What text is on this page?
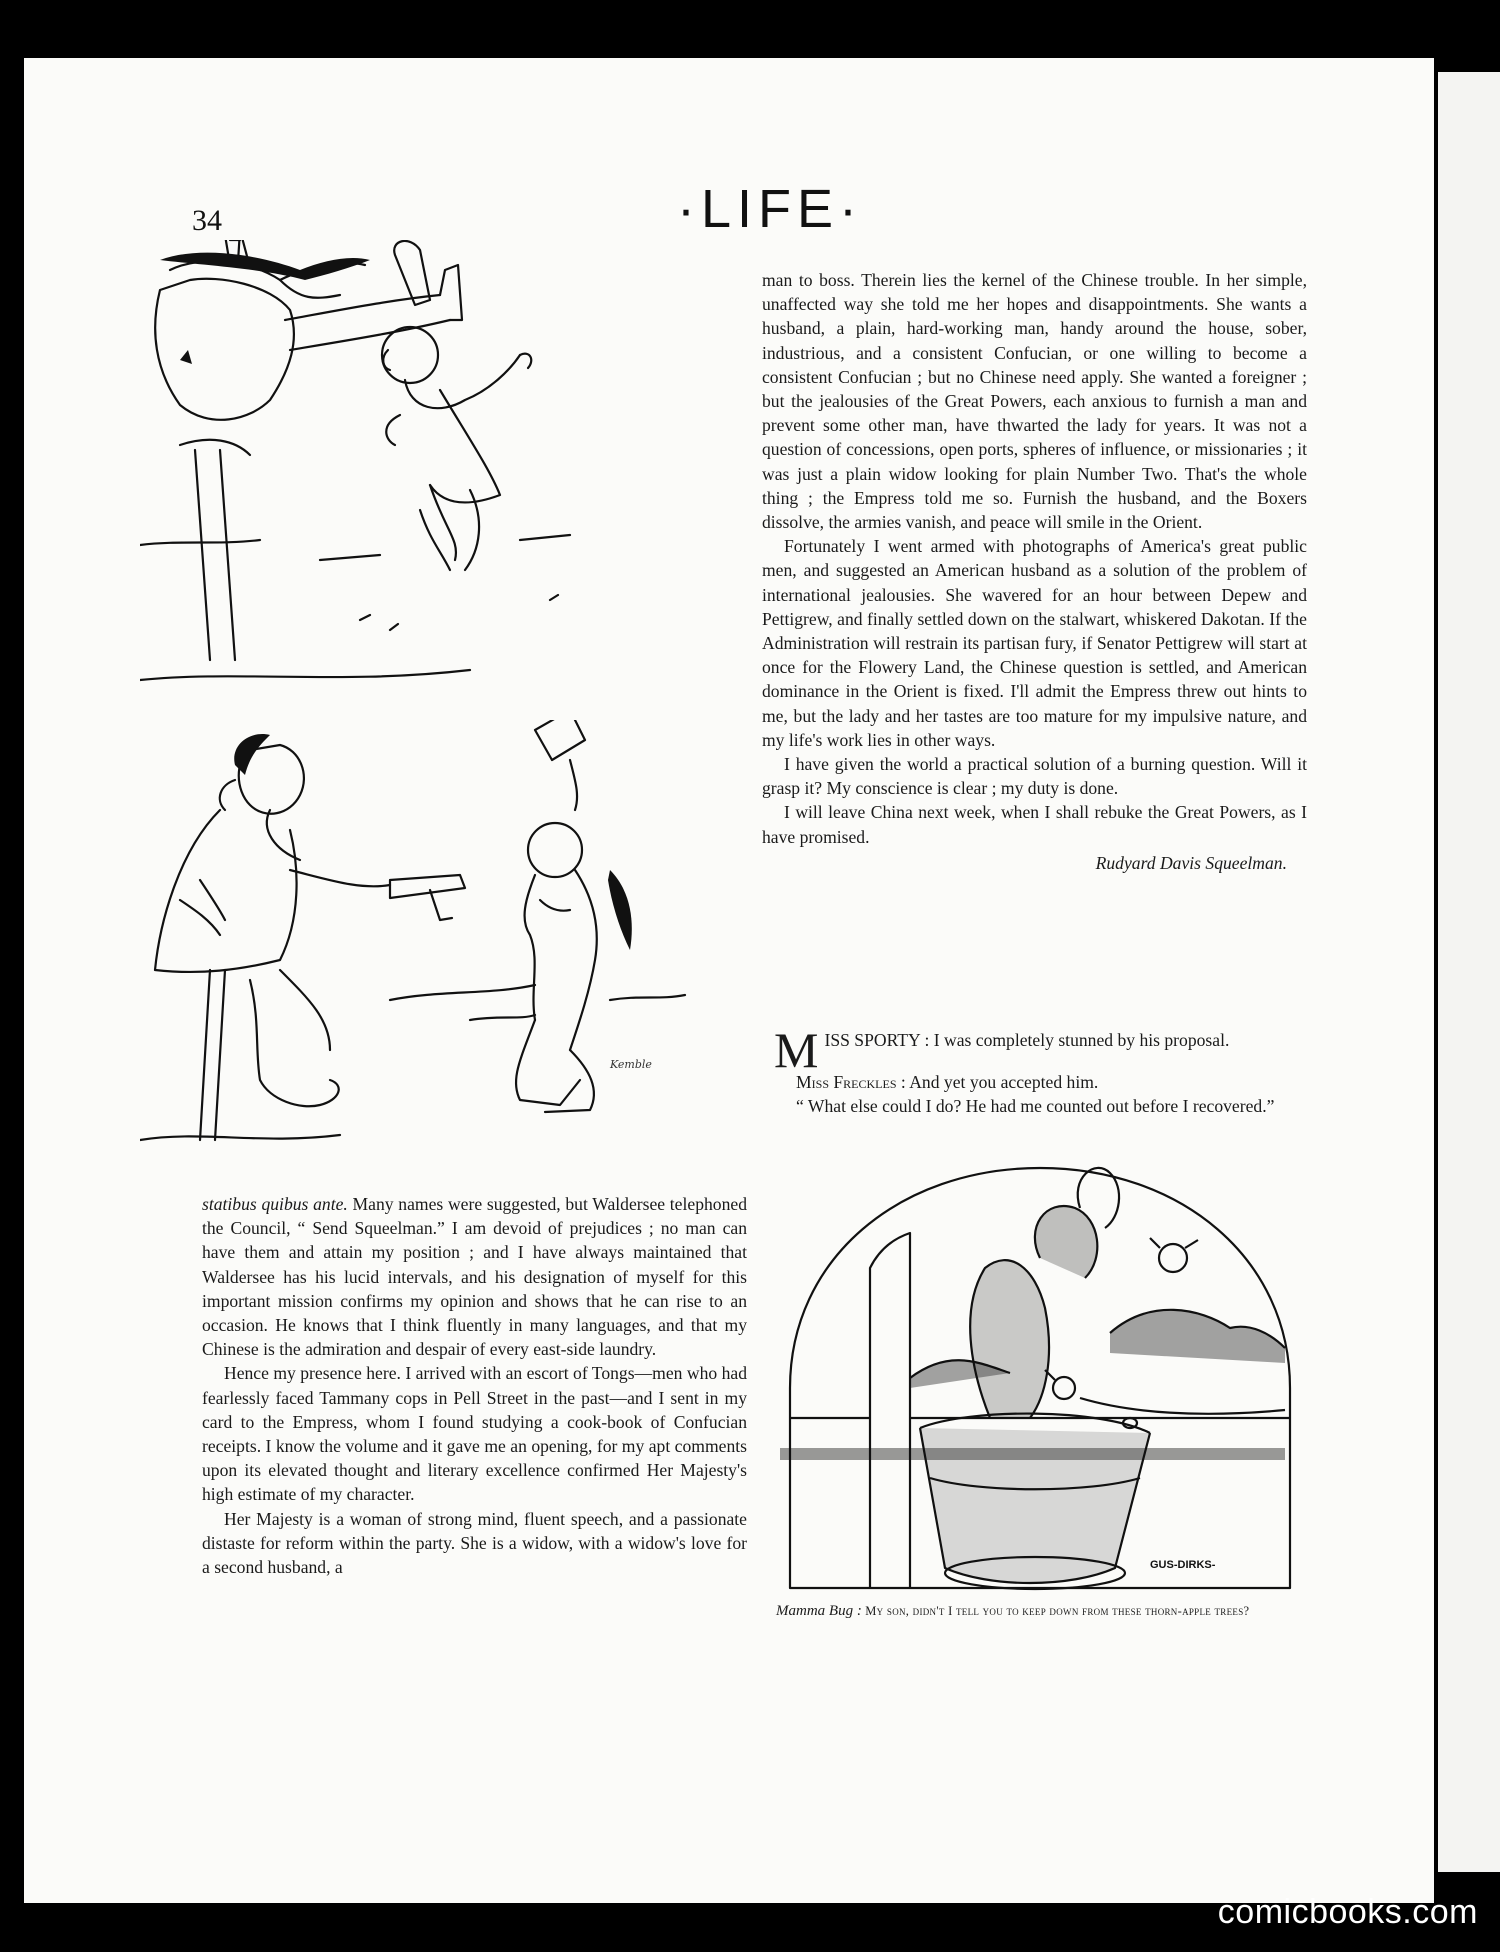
34	·LIFE·
Kemble

man to boss. Therein lies the kernel of the Chinese trouble. In her simple, unaffected way she told me her hopes and disappointments. She wants a husband, a plain, hard-working man, handy around the house, sober, industrious, and a consistent Confucian, or one willing to become a consistent Confucian ; but no Chinese need apply. She wanted a foreigner ; but the jealousies of the Great Powers, each anxious to furnish a man and prevent some other man, have thwarted the lady for years. It was not a question of concessions, open ports, spheres of influence, or missionaries ; it was just a plain widow looking for plain Number Two. That's the whole thing ; the Empress told me so. Furnish the husband, and the Boxers dissolve, the armies vanish, and peace will smile in the Orient.

Fortunately I went armed with photographs of America's great public men, and suggested an American husband as a solution of the problem of international jealousies. She wavered for an hour between Depew and Pettigrew, and finally settled down on the stalwart, whiskered Dakotan. If the Administration will restrain its partisan fury, if Senator Pettigrew will start at once for the Flowery Land, the Chinese question is settled, and American dominance in the Orient is fixed. I'll admit the Empress threw out hints to me, but the lady and her tastes are too mature for my impulsive nature, and my life's work lies in other ways.

I have given the world a practical solution of a burning question. Will it grasp it? My conscience is clear ; my duty is done.

I will leave China next week, when I shall rebuke the Great Powers, as I have promised.

Rudyard Davis Squeelman.

MISS SPORTY : I was completely stunned by his proposal.

Miss Freckles : And yet you accepted him.

“ What else could I do? He had me counted out before I recovered.”

statibus quibus ante. Many names were suggested, but Waldersee telephoned the Council, “ Send Squeelman.” I am devoid of prejudices ; no man can have them and attain my position ; and I have always maintained that Waldersee has his lucid intervals, and his designation of myself for this important mission confirms my opinion and shows that he can rise to an occasion. He knows that I think fluently in many languages, and that my Chinese is the admiration and despair of every east-side laundry.

Hence my presence here. I arrived with an escort of Tongs—men who had fearlessly faced Tammany cops in Pell Street in the past—and I sent in my card to the Empress, whom I found studying a cook-book of Confucian receipts. I know the volume and it gave me an opening, for my apt comments upon its elevated thought and literary excellence confirmed Her Majesty's high estimate of my character.

Her Majesty is a woman of strong mind, fluent speech, and a passionate distaste for reform within the party. She is a widow, with a widow's love for a second husband, a	GUS-DIRKS-
Mamma Bug : My son, didn't I tell you to keep down from these thorn-apple trees?
comicbooks.com
